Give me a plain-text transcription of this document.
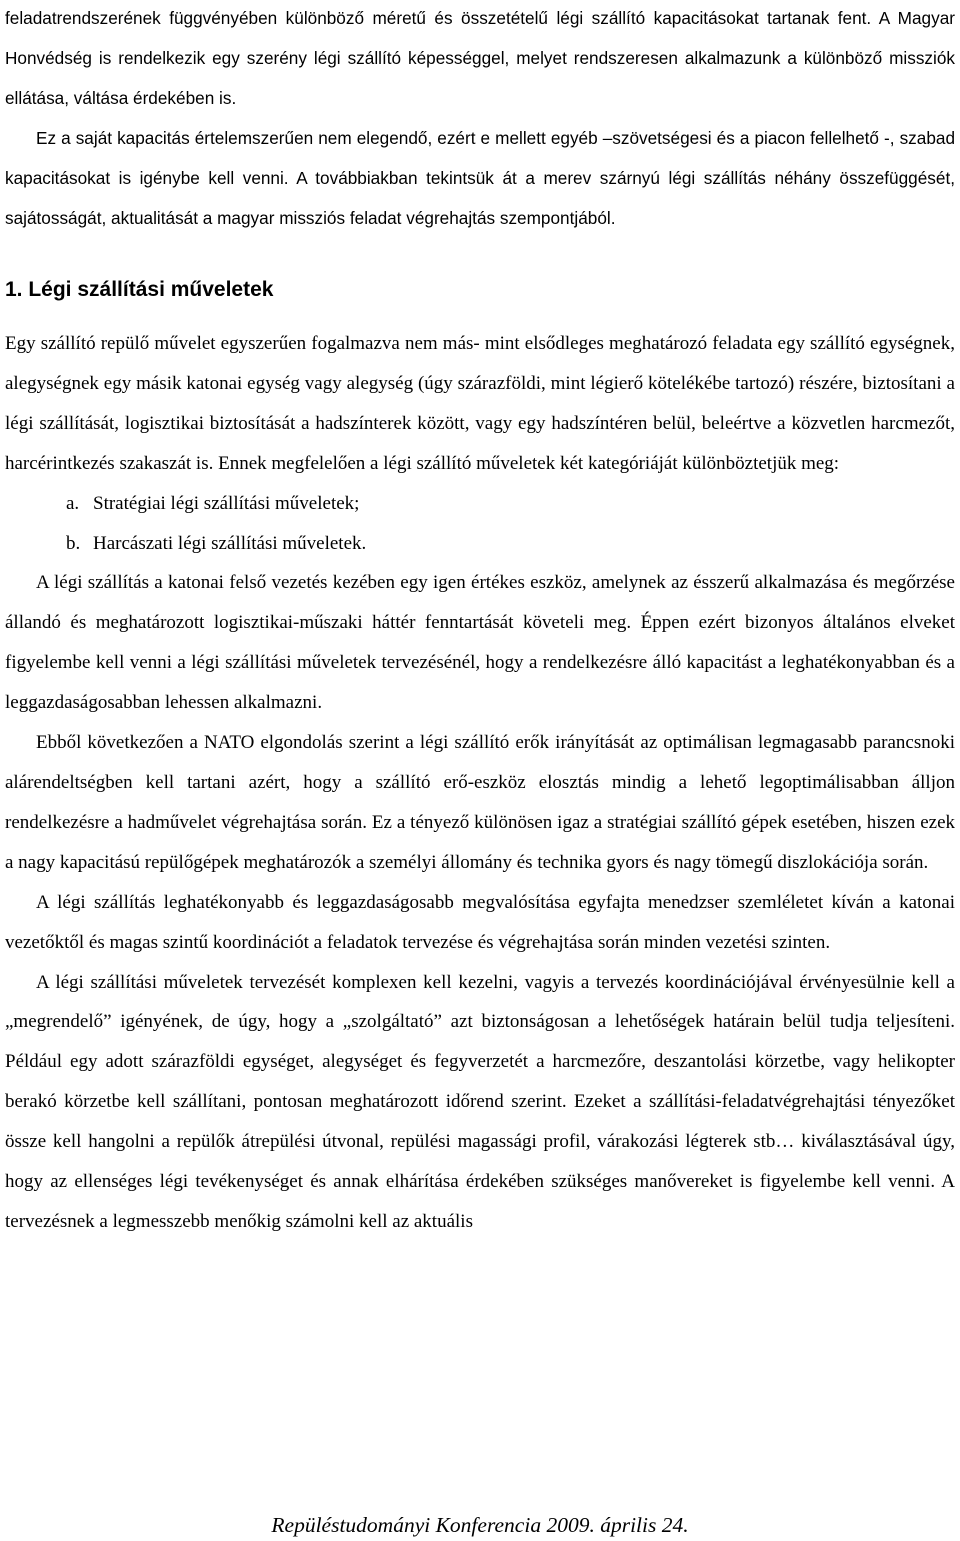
feladatrendszerének függvényében különböző méretű és összetételű légi szállító kapacitásokat tartanak fent. A Magyar Honvédség is rendelkezik egy szerény légi szállító képességgel, melyet rendszeresen alkalmazunk a különböző missziók ellátása, váltása érdekében is.

Ez a saját kapacitás értelemszerűen nem elegendő, ezért e mellett egyéb –szövetségesi és a piacon fellelhető -, szabad kapacitásokat is igénybe kell venni. A továbbiakban tekintsük át a merev szárnyú légi szállítás néhány összefüggését, sajátosságát, aktualitását a magyar missziós feladat végrehajtás szempontjából.

1. Légi szállítási műveletek

Egy szállító repülő művelet egyszerűen fogalmazva nem más- mint elsődleges meghatározó feladata egy szállító egységnek, alegységnek egy másik katonai egység vagy alegység (úgy szárazföldi, mint légierő kötelékébe tartozó) részére, biztosítani a légi szállítását, logisztikai biztosítását a hadszínterek között, vagy egy hadszíntéren belül, beleértve a közvetlen harcmezőt, harcérintkezés szakaszát is. Ennek megfelelően a légi szállító műveletek két kategóriáját különböztetjük meg:

a. Stratégiai légi szállítási műveletek;
b. Harcászati légi szállítási műveletek.

A légi szállítás a katonai felső vezetés kezében egy igen értékes eszköz, amelynek az ésszerű alkalmazása és megőrzése állandó és meghatározott logisztikai-műszaki háttér fenntartását követeli meg. Éppen ezért bizonyos általános elveket figyelembe kell venni a légi szállítási műveletek tervezésénél, hogy a rendelkezésre álló kapacitást a leghatékonyabban és a leggazdaságosabban lehessen alkalmazni.

Ebből következően a NATO elgondolás szerint a légi szállító erők irányítását az optimálisan legmagasabb parancsnoki alárendeltségben kell tartani azért, hogy a szállító erő-eszköz elosztás mindig a lehető legoptimálisabban álljon rendelkezésre a hadművelet végrehajtása során. Ez a tényező különösen igaz a stratégiai szállító gépek esetében, hiszen ezek a nagy kapacitású repülőgépek meghatározók a személyi állomány és technika gyors és nagy tömegű diszlokációja során.

A légi szállítás leghatékonyabb és leggazdaságosabb megvalósítása egyfajta menedzser szemléletet kíván a katonai vezetőktől és magas szintű koordinációt a feladatok tervezése és végrehajtása során minden vezetési szinten.

A légi szállítási műveletek tervezését komplexen kell kezelni, vagyis a tervezés koordinációjával érvényesülnie kell a „megrendelő” igényének, de úgy, hogy a „szolgáltató” azt biztonságosan a lehetőségek határain belül tudja teljesíteni. Például egy adott szárazföldi egységet, alegységet és fegyverzetét a harcmezőre, deszantolási körzetbe, vagy helikopter berakó körzetbe kell szállítani, pontosan meghatározott időrend szerint. Ezeket a szállítási-feladatvégrehajtási tényezőket össze kell hangolni a repülők átrepülési útvonal, repülési magassági profil, várakozási légterek stb… kiválasztásával úgy, hogy az ellenséges légi tevékenységet és annak elhárítása érdekében szükséges manővereket is figyelembe kell venni. A tervezésnek a legmesszebb menőkig számolni kell az aktuális

Repüléstudományi Konferencia 2009. április 24.
